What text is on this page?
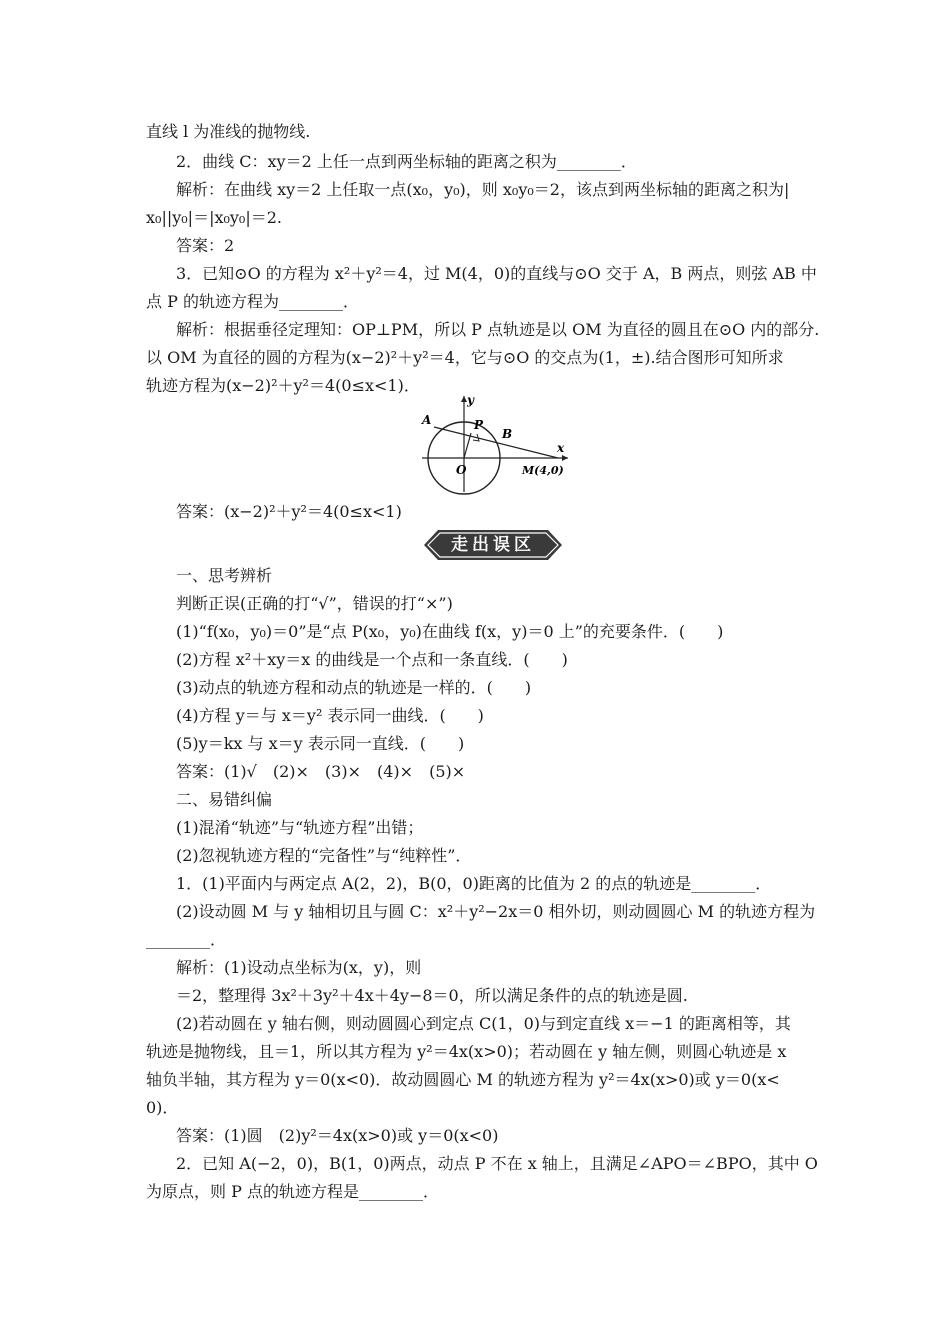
直线 l 为准线的抛物线.
2．曲线 C：xy＝2 上任一点到两坐标轴的距离之积为________．
解析：在曲线 xy＝2 上任取一点(x₀，y₀)，则 x₀y₀＝2，该点到两坐标轴的距离之积为|
x₀||y₀|＝|x₀y₀|＝2.
答案：2
3．已知⊙O 的方程为 x²＋y²＝4，过 M(4，0)的直线与⊙O 交于 A，B 两点，则弦 AB 中
点 P 的轨迹方程为________．
解析：根据垂径定理知：OP⊥PM，所以 P 点轨迹是以 OM 为直径的圆且在⊙O 内的部分.
以 OM 为直径的圆的方程为(x−2)²＋y²＝4，它与⊙O 的交点为(1，±).结合图形可知所求
轨迹方程为(x−2)²＋y²＝4(0≤x<1)．
y
x
A	P
B
O	M(4,0)
答案：(x−2)²＋y²＝4(0≤x<1)
走出误区
一、思考辨析
判断正误(正确的打“√”，错误的打“×”)
(1)“f(x₀，y₀)＝0”是“点 P(x₀，y₀)在曲线 f(x，y)＝0 上”的充要条件．(　　)
(2)方程 x²＋xy＝x 的曲线是一个点和一条直线．(　　)
(3)动点的轨迹方程和动点的轨迹是一样的．(　　)
(4)方程 y＝与 x＝y² 表示同一曲线．(　　)
(5)y＝kx 与 x＝y 表示同一直线．(　　)
答案：(1)√　(2)×　(3)×　(4)×　(5)×
二、易错纠偏
(1)混淆“轨迹”与“轨迹方程”出错；
(2)忽视轨迹方程的“完备性”与“纯粹性”．
1．(1)平面内与两定点 A(2，2)，B(0，0)距离的比值为 2 的点的轨迹是________．
(2)设动圆 M 与 y 轴相切且与圆 C：x²＋y²−2x＝0 相外切，则动圆圆心 M 的轨迹方程为
________．
解析：(1)设动点坐标为(x，y)，则
＝2，整理得 3x²＋3y²＋4x＋4y−8＝0，所以满足条件的点的轨迹是圆.
(2)若动圆在 y 轴右侧，则动圆圆心到定点 C(1，0)与到定直线 x＝−1 的距离相等，其
轨迹是抛物线，且＝1，所以其方程为 y²＝4x(x>0)；若动圆在 y 轴左侧，则圆心轨迹是 x
轴负半轴，其方程为 y＝0(x<0)．故动圆圆心 M 的轨迹方程为 y²＝4x(x>0)或 y＝0(x<
0)．
答案：(1)圆　(2)y²＝4x(x>0)或 y＝0(x<0)
2．已知 A(−2，0)，B(1，0)两点，动点 P 不在 x 轴上，且满足∠APO＝∠BPO，其中 O
为原点，则 P 点的轨迹方程是________．
